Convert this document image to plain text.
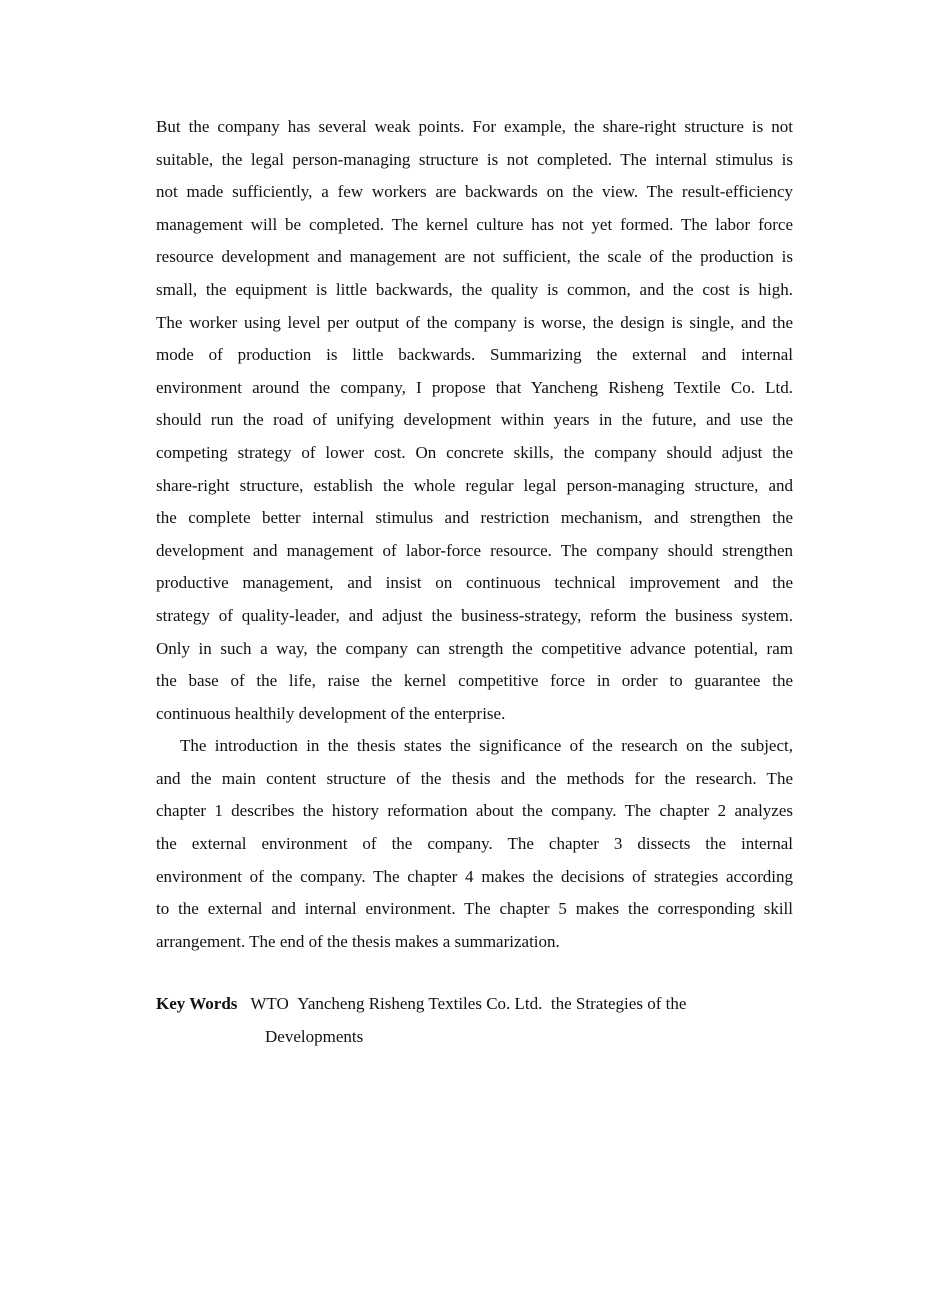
But the company has several weak points. For example, the share-right structure is not
suitable, the legal person-managing structure is not completed. The internal stimulus is
not made sufficiently, a few workers are backwards on the view. The result-efficiency
management will be completed. The kernel culture has not yet formed. The labor force
resource development and management are not sufficient, the scale of the production is
small, the equipment is little backwards, the quality is common, and the cost is high.
The worker using level per output of the company is worse, the design is single, and the
mode of production is little backwards. Summarizing the external and internal
environment around the company, I propose that Yancheng Risheng Textile Co. Ltd.
should run the road of unifying development within years in the future, and use the
competing strategy of lower cost. On concrete skills, the company should adjust the
share-right structure, establish the whole regular legal person-managing structure, and
the complete better internal stimulus and restriction mechanism, and strengthen the
development and management of labor-force resource. The company should strengthen
productive management, and insist on continuous technical improvement and the
strategy of quality-leader, and adjust the business-strategy, reform the business system.
Only in such a way, the company can strength the competitive advance potential, ram
the base of the life, raise the kernel competitive force in order to guarantee the
continuous healthily development of the enterprise.
The introduction in the thesis states the significance of the research on the subject,
and the main content structure of the thesis and the methods for the research. The
chapter 1 describes the history reformation about the company. The chapter 2 analyzes
the external environment of the company. The chapter 3 dissects the internal
environment of the company. The chapter 4 makes the decisions of strategies according
to the external and internal environment. The chapter 5 makes the corresponding skill
arrangement. The end of the thesis makes a summarization.
Key Words WTO  Yancheng Risheng Textiles Co. Ltd.  the Strategies of the
Developments
